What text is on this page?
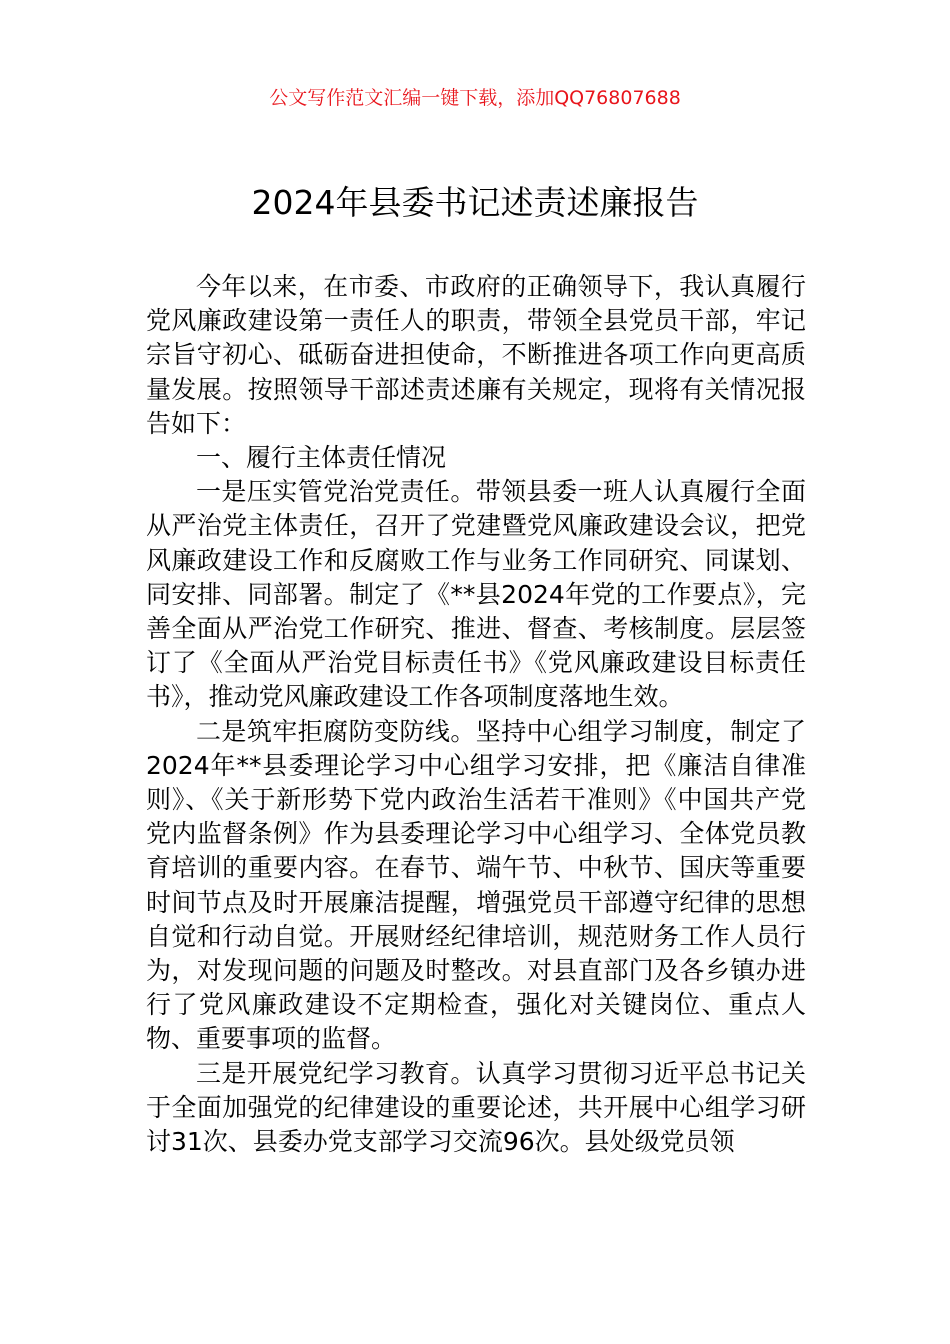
公文写作范文汇编一键下载，添加QQ76807688
2024年县委书记述责述廉报告

今年以来，在市委、市政府的正确领导下，我认真履行党风廉政建设第一责任人的职责，带领全县党员干部，牢记宗旨守初心、砥砺奋进担使命，不断推进各项工作向更高质量发展。按照领导干部述责述廉有关规定，现将有关情况报告如下：

一、履行主体责任情况

一是压实管党治党责任。带领县委一班人认真履行全面从严治党主体责任，召开了党建暨党风廉政建设会议，把党风廉政建设工作和反腐败工作与业务工作同研究、同谋划、同安排、同部署。制定了《**县2024年党的工作要点》，完善全面从严治党工作研究、推进、督查、考核制度。层层签订了《全面从严治党目标责任书》《党风廉政建设目标责任书》，推动党风廉政建设工作各项制度落地生效。

二是筑牢拒腐防变防线。坚持中心组学习制度，制定了2024年**县委理论学习中心组学习安排，把《廉洁自律准则》、《关于新形势下党内政治生活若干准则》《中国共产党党内监督条例》作为县委理论学习中心组学习、全体党员教育培训的重要内容。在春节、端午节、中秋节、国庆等重要时间节点及时开展廉洁提醒，增强党员干部遵守纪律的思想自觉和行动自觉。开展财经纪律培训，规范财务工作人员行为，对发现问题的问题及时整改。对县直部门及各乡镇办进行了党风廉政建设不定期检查，强化对关键岗位、重点人物、重要事项的监督。

三是开展党纪学习教育。认真学习贯彻习近平总书记关于全面加强党的纪律建设的重要论述，共开展中心组学习研讨31次、县委办党支部学习交流96次。县处级党员领
